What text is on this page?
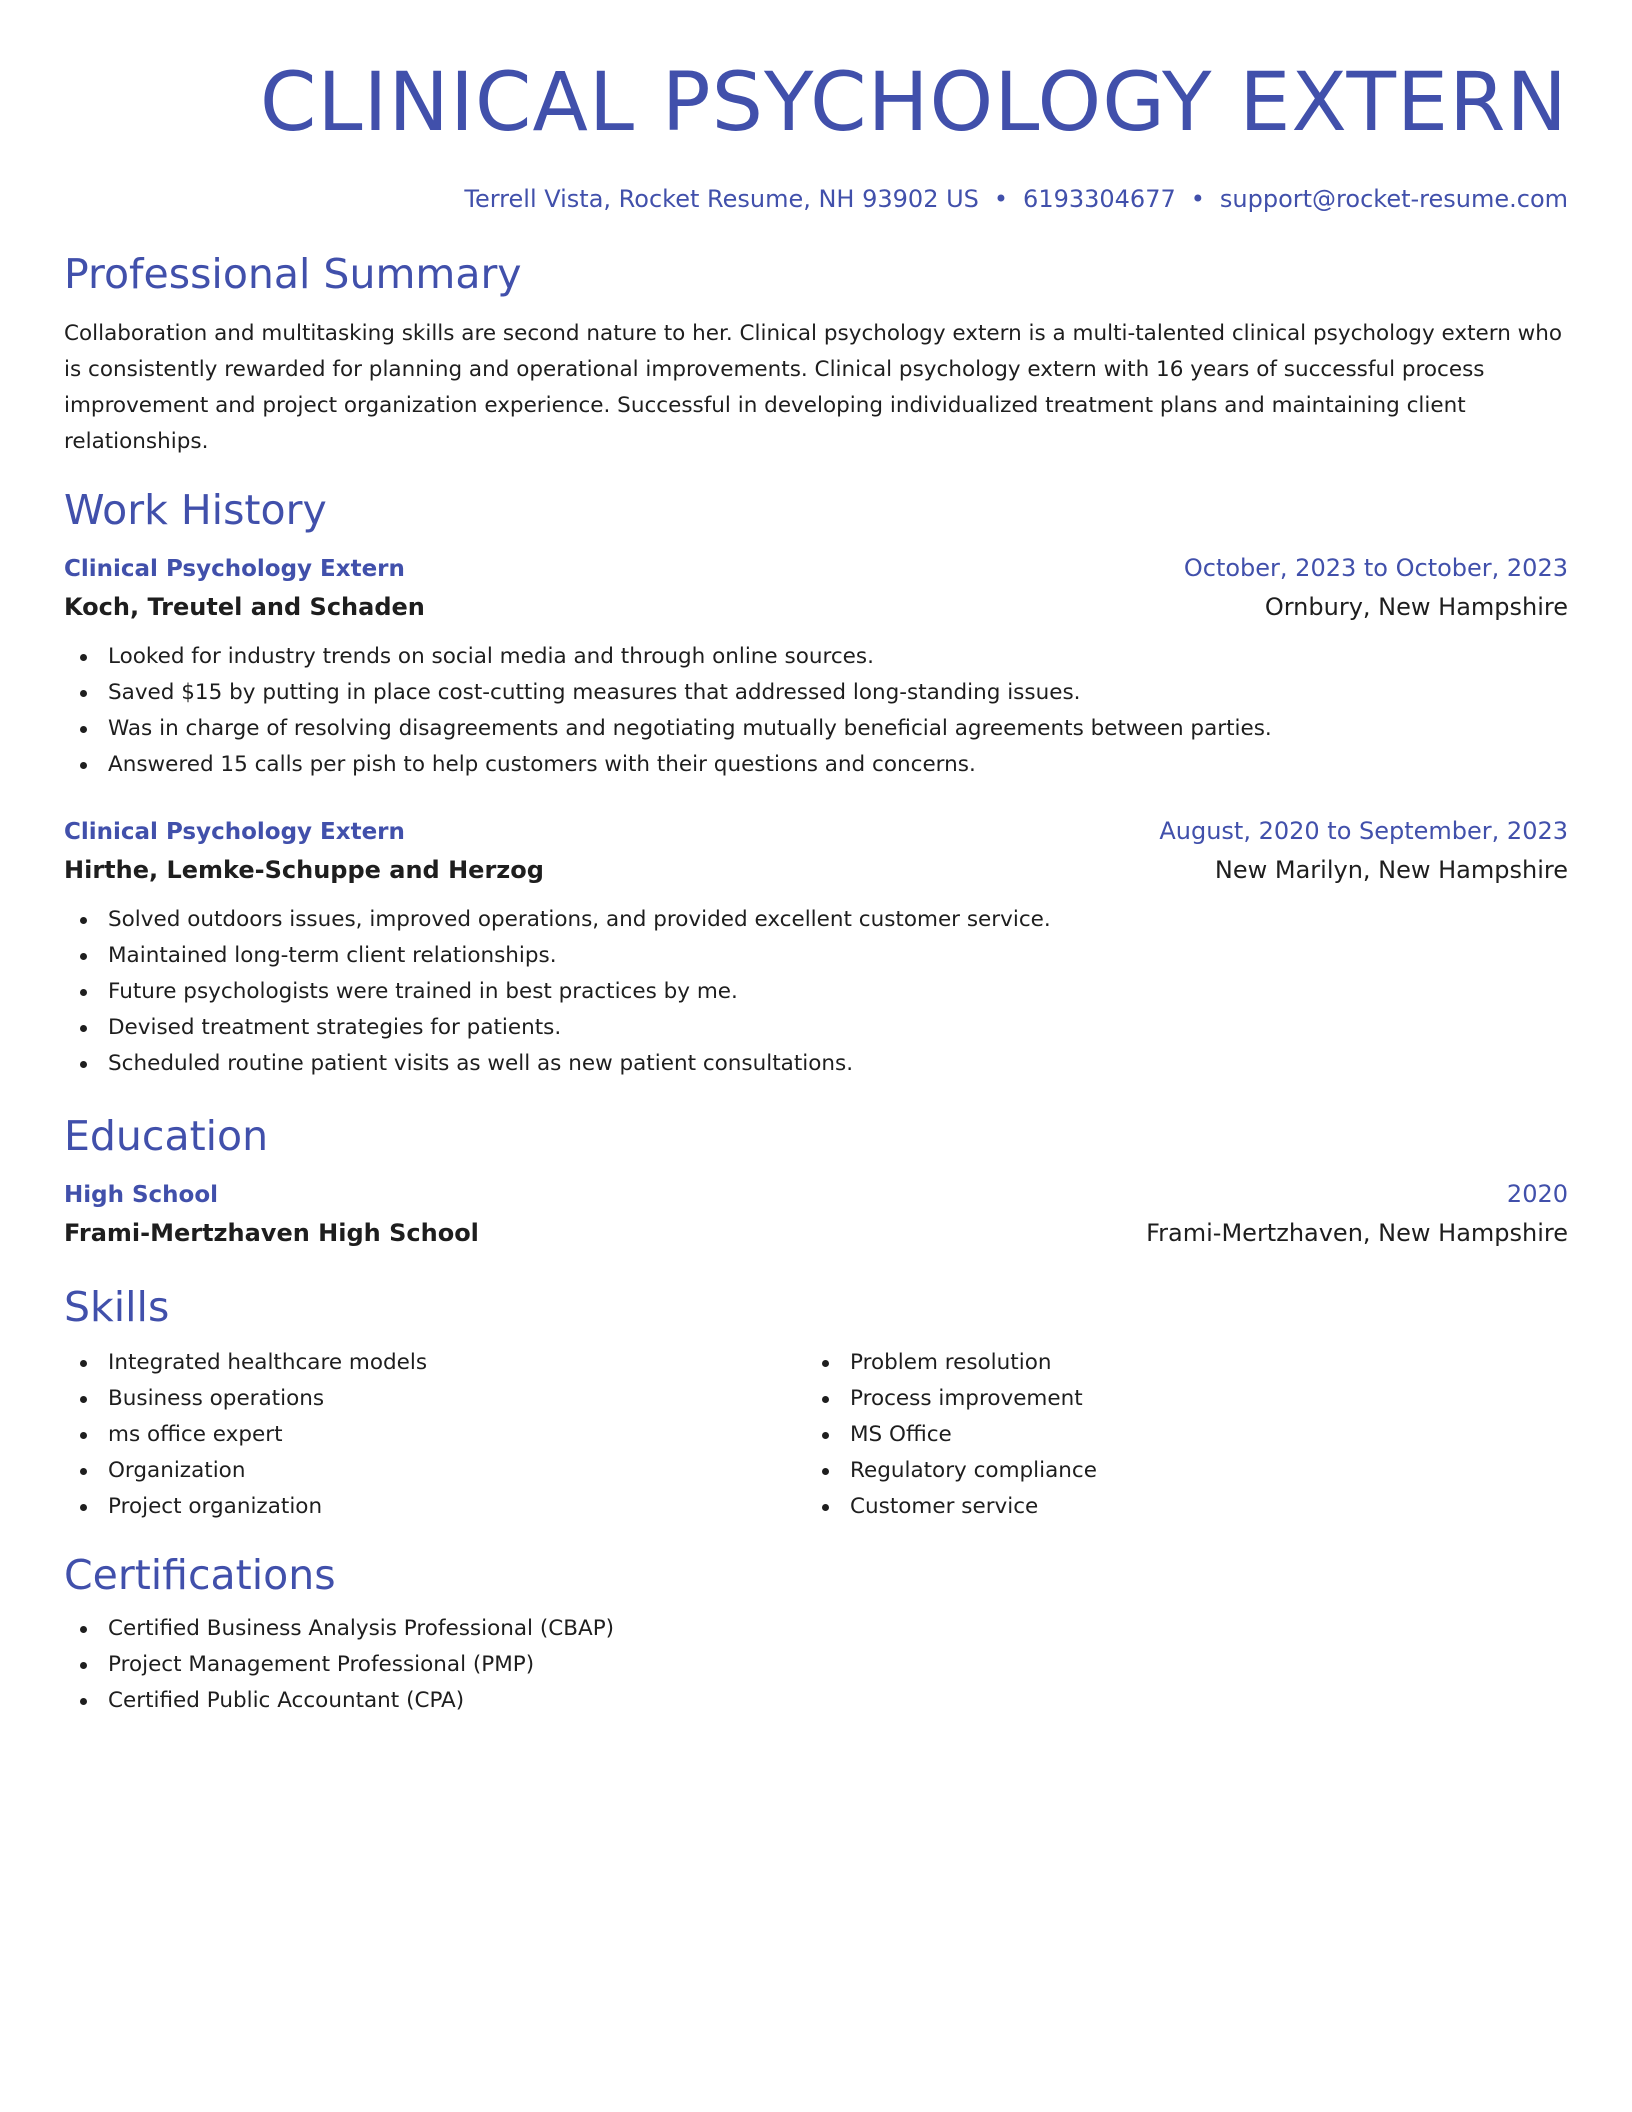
CLINICAL PSYCHOLOGY EXTERN
Terrell Vista, Rocket Resume, NH 93902 US • 6193304677 • support@rocket-resume.com
Professional Summary
Collaboration and multitasking skills are second nature to her. Clinical psychology extern is a multi-talented clinical psychology extern who is consistently rewarded for planning and operational improvements. Clinical psychology extern with 16 years of successful process improvement and project organization experience. Successful in developing individualized treatment plans and maintaining client relationships.
Work History
Clinical Psychology Extern	October, 2023 to October, 2023
Koch, Treutel and Schaden	Ornbury, New Hampshire
Looked for industry trends on social media and through online sources.
Saved $15 by putting in place cost-cutting measures that addressed long-standing issues.
Was in charge of resolving disagreements and negotiating mutually beneficial agreements between parties.
Answered 15 calls per pish to help customers with their questions and concerns.
Clinical Psychology Extern	August, 2020 to September, 2023
Hirthe, Lemke-Schuppe and Herzog	New Marilyn, New Hampshire
Solved outdoors issues, improved operations, and provided excellent customer service.
Maintained long-term client relationships.
Future psychologists were trained in best practices by me.
Devised treatment strategies for patients.
Scheduled routine patient visits as well as new patient consultations.
Education
High School	2020
Frami-Mertzhaven High School	Frami-Mertzhaven, New Hampshire
Skills
Integrated healthcare models
Business operations
ms office expert
Organization
Project organization
Problem resolution
Process improvement
MS Office
Regulatory compliance
Customer service
Certifications
Certified Business Analysis Professional (CBAP)
Project Management Professional (PMP)
Certified Public Accountant (CPA)
